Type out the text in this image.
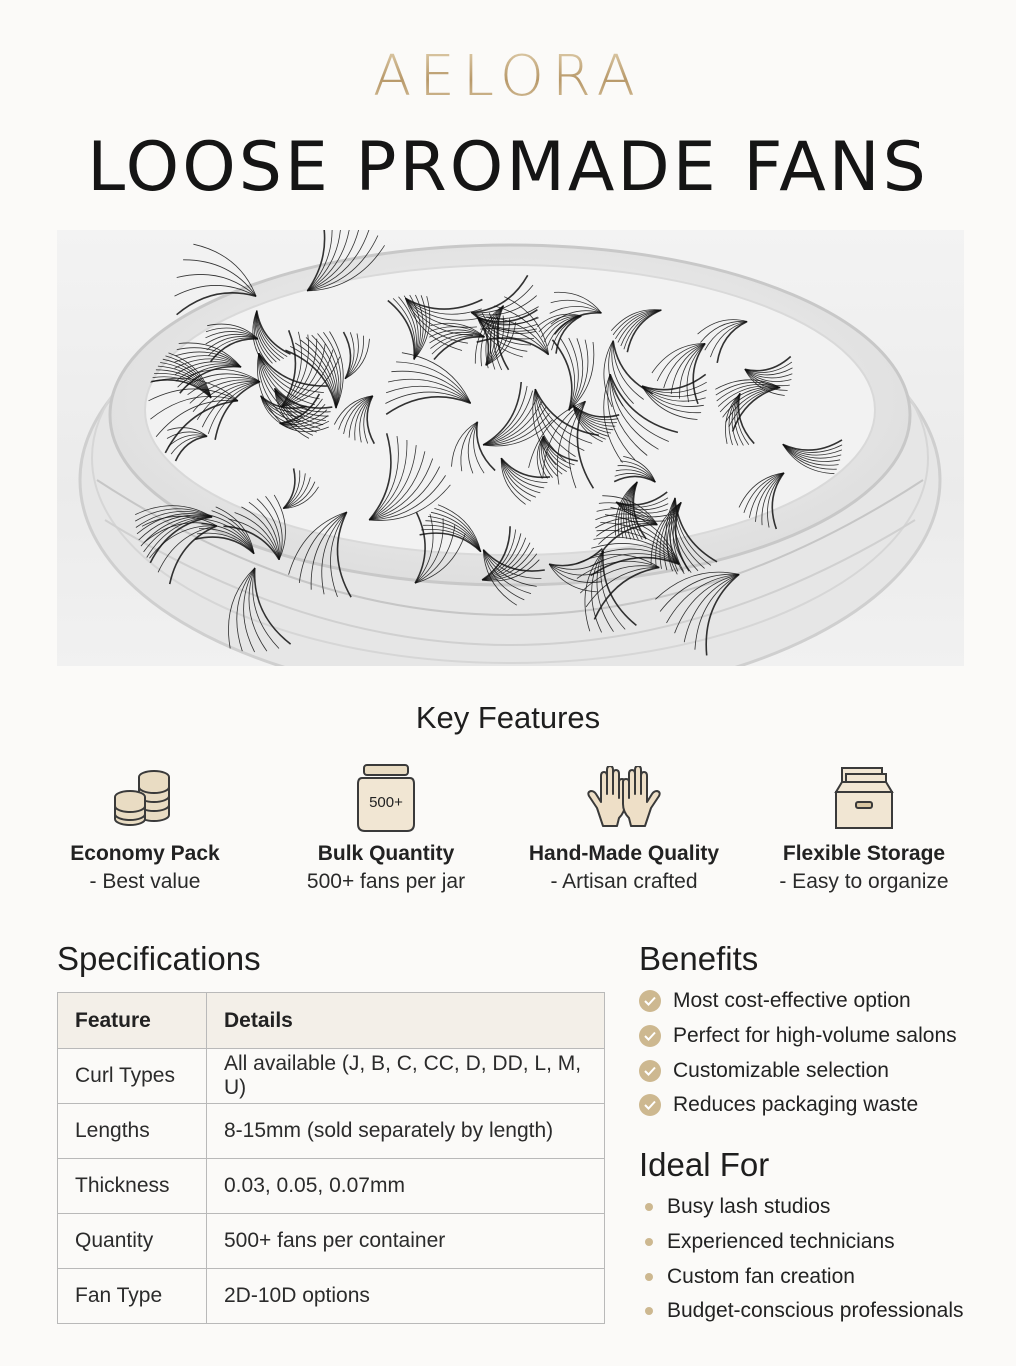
AELORA
LOOSE PROMADE FANS
Key Features
Economy Pack
- Best value
500+
Bulk Quantity
500+ fans per jar
Hand-Made Quality
- Artisan crafted
Flexible Storage
- Easy to organize
Specifications
Feature	Details
Curl Types	All available (J, B, C, CC, D, DD, L, M, U)
Lengths	8-15mm (sold separately by length)
Thickness	0.03, 0.05, 0.07mm
Quantity	500+ fans per container
Fan Type	2D-10D options
Benefits
Most cost-effective option
Perfect for high-volume salons
Customizable selection
Reduces packaging waste
Ideal For
Busy lash studios
Experienced technicians
Custom fan creation
Budget-conscious professionals
